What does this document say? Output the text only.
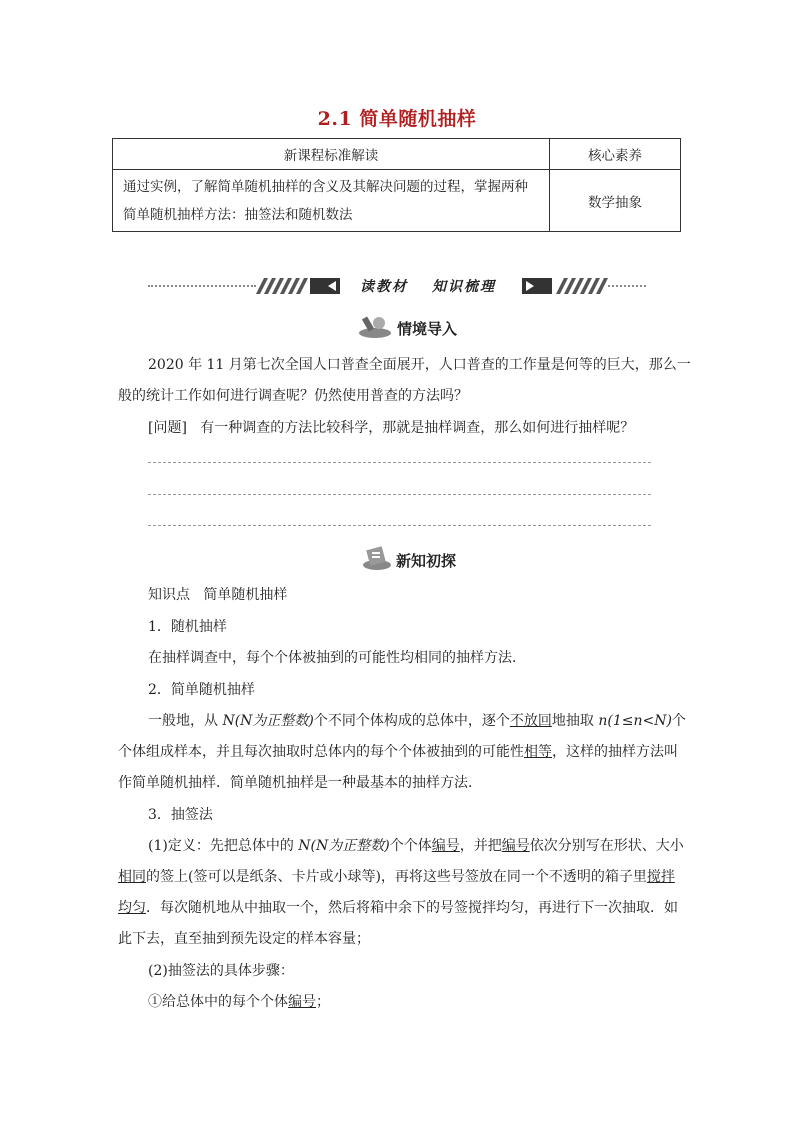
2.1 简单随机抽样
新课程标准解读	核心素养

通过实例，了解简单随机抽样的含义及其解决问题的过程，掌握两种
简单随机抽样方法：抽签法和随机数法	数学抽象
读教材 知识梳理
情境导入
2020 年 11 月第七次全国人口普查全面展开，人口普查的工作量是何等的巨大，那么一
般的统计工作如何进行调查呢？仍然使用普查的方法吗？
[问题] 有一种调查的方法比较科学，那就是抽样调查，那么如何进行抽样呢？
新知初探
知识点 简单随机抽样
1．随机抽样
在抽样调查中，每个个体被抽到的可能性均相同的抽样方法．
2．简单随机抽样
一般地，从 N(N为正整数)个不同个体构成的总体中，逐个不放回地抽取 n(1≤n<N)个
个体组成样本，并且每次抽取时总体内的每个个体被抽到的可能性相等，这样的抽样方法叫
作简单随机抽样．简单随机抽样是一种最基本的抽样方法．
3．抽签法
(1)定义：先把总体中的 N(N为正整数)个个体编号，并把编号依次分别写在形状、大小
相同的签上(签可以是纸条、卡片或小球等)，再将这些号签放在同一个不透明的箱子里搅拌
均匀．每次随机地从中抽取一个，然后将箱中余下的号签搅拌均匀，再进行下一次抽取．如
此下去，直至抽到预先设定的样本容量；
(2)抽签法的具体步骤：
①给总体中的每个个体编号；
